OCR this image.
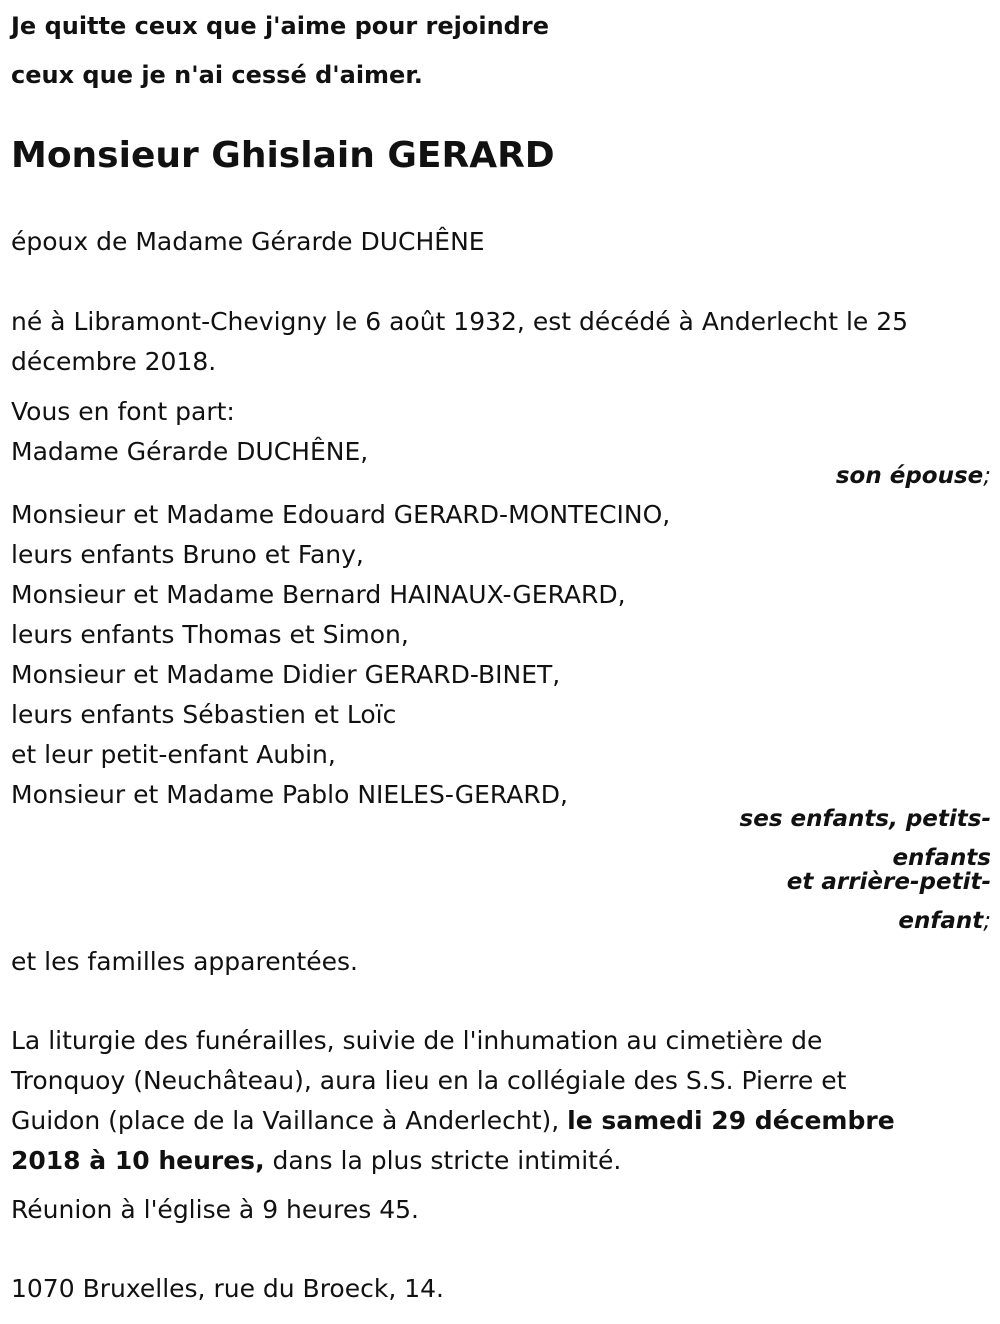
Je quitte ceux que j'aime pour rejoindre

ceux que je n'ai cessé d'aimer.

Monsieur Ghislain GERARD

époux de Madame Gérarde DUCHÊNE

né à Libramont-Chevigny le 6 août 1932, est décédé à Anderlecht le 25

décembre 2018.

Vous en font part:

Madame Gérarde DUCHÊNE,

son épouse;

Monsieur et Madame Edouard GERARD-MONTECINO,

leurs enfants Bruno et Fany,

Monsieur et Madame Bernard HAINAUX-GERARD,

leurs enfants Thomas et Simon,

Monsieur et Madame Didier GERARD-BINET,

leurs enfants Sébastien et Loïc

et leur petit-enfant Aubin,

Monsieur et Madame Pablo NIELES-GERARD,

ses enfants, petits-

enfants

et arrière-petit-

enfant;

et les familles apparentées.

La liturgie des funérailles, suivie de l'inhumation au cimetière de

Tronquoy (Neuchâteau), aura lieu en la collégiale des S.S. Pierre et

Guidon (place de la Vaillance à Anderlecht), le samedi 29 décembre

2018 à 10 heures, dans la plus stricte intimité.

Réunion à l'église à 9 heures 45.

1070 Bruxelles, rue du Broeck, 14.
